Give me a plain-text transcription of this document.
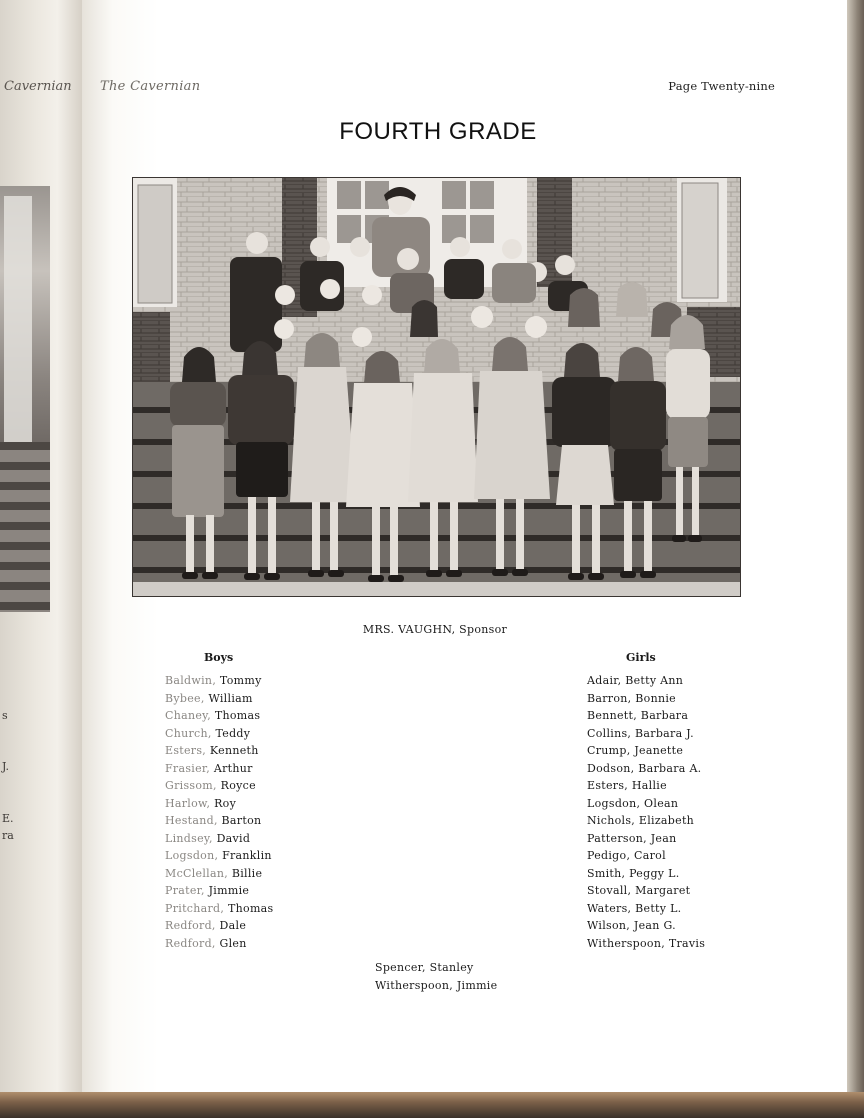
Cavernian
s
J.
E.
ra
The Cavernian	Page Twenty-nine
FOURTH GRADE
MRS. VAUGHN, Sponsor
Boys	Girls
Baldwin, Tommy
Bybee, William
Chaney, Thomas
Church, Teddy
Esters, Kenneth
Frasier, Arthur
Grissom, Royce
Harlow, Roy
Hestand, Barton
Lindsey, David
Logsdon, Franklin
McClellan, Billie
Prater, Jimmie
Pritchard, Thomas
Redford, Dale
Redford, Glen
Adair, Betty Ann
Barron, Bonnie
Bennett, Barbara
Collins, Barbara J.
Crump, Jeanette
Dodson, Barbara A.
Esters, Hallie
Logsdon, Olean
Nichols, Elizabeth
Patterson, Jean
Pedigo, Carol
Smith, Peggy L.
Stovall, Margaret
Waters, Betty L.
Wilson, Jean G.
Witherspoon, Travis
Spencer, Stanley
Witherspoon, Jimmie
